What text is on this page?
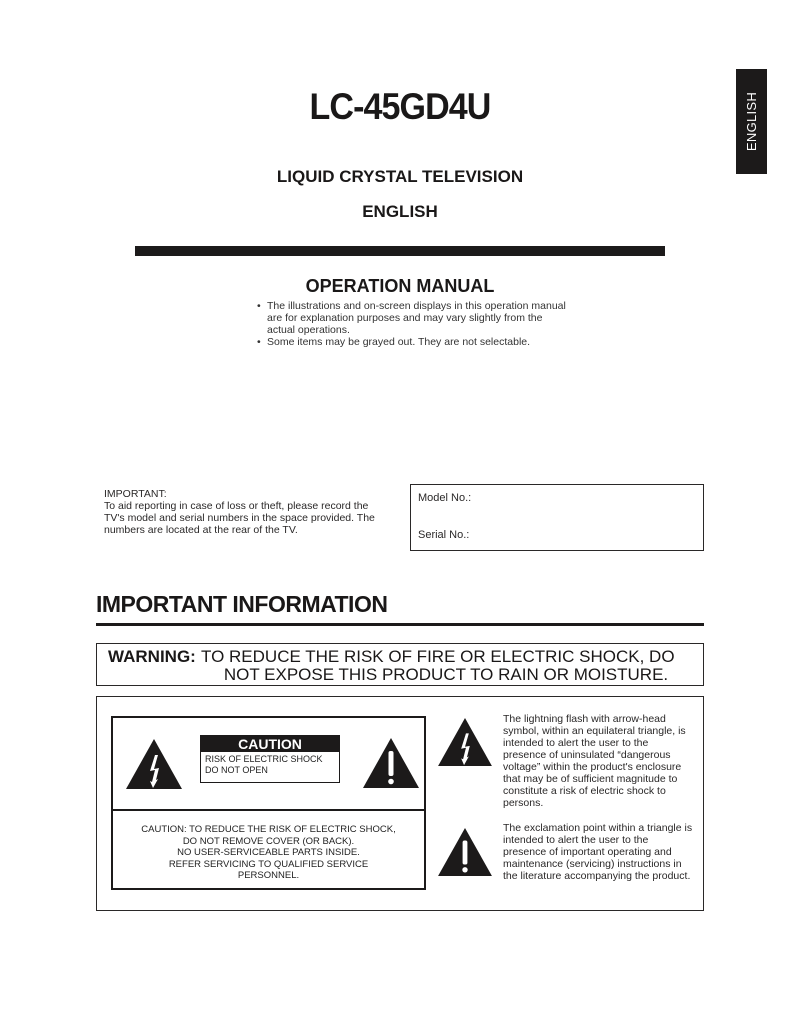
ENGLISH
LC-45GD4U
LIQUID CRYSTAL TELEVISION
ENGLISH
OPERATION MANUAL
• The illustrations and on-screen displays in this operation manual are for explanation purposes and may vary slightly from the actual operations.
• Some items may be grayed out. They are not selectable.
IMPORTANT:
To aid reporting in case of loss or theft, please record the TV's model and serial numbers in the space provided. The numbers are located at the rear of the TV.
Model No.:
Serial No.:
IMPORTANT INFORMATION
WARNING: TO REDUCE THE RISK OF FIRE OR ELECTRIC SHOCK, DO
NOT EXPOSE THIS PRODUCT TO RAIN OR MOISTURE.
CAUTION
RISK OF ELECTRIC SHOCK
DO NOT OPEN
CAUTION: TO REDUCE THE RISK OF ELECTRIC SHOCK,
DO NOT REMOVE COVER (OR BACK).
NO USER-SERVICEABLE PARTS INSIDE.
REFER SERVICING TO QUALIFIED SERVICE
PERSONNEL.
The lightning flash with arrow-head symbol, within an equilateral triangle, is intended to alert the user to the presence of uninsulated “dangerous voltage” within the product's enclosure that may be of sufficient magnitude to constitute a risk of electric shock to persons.
The exclamation point within a triangle is intended to alert the user to the presence of important operating and maintenance (servicing) instructions in the literature accompanying the product.
